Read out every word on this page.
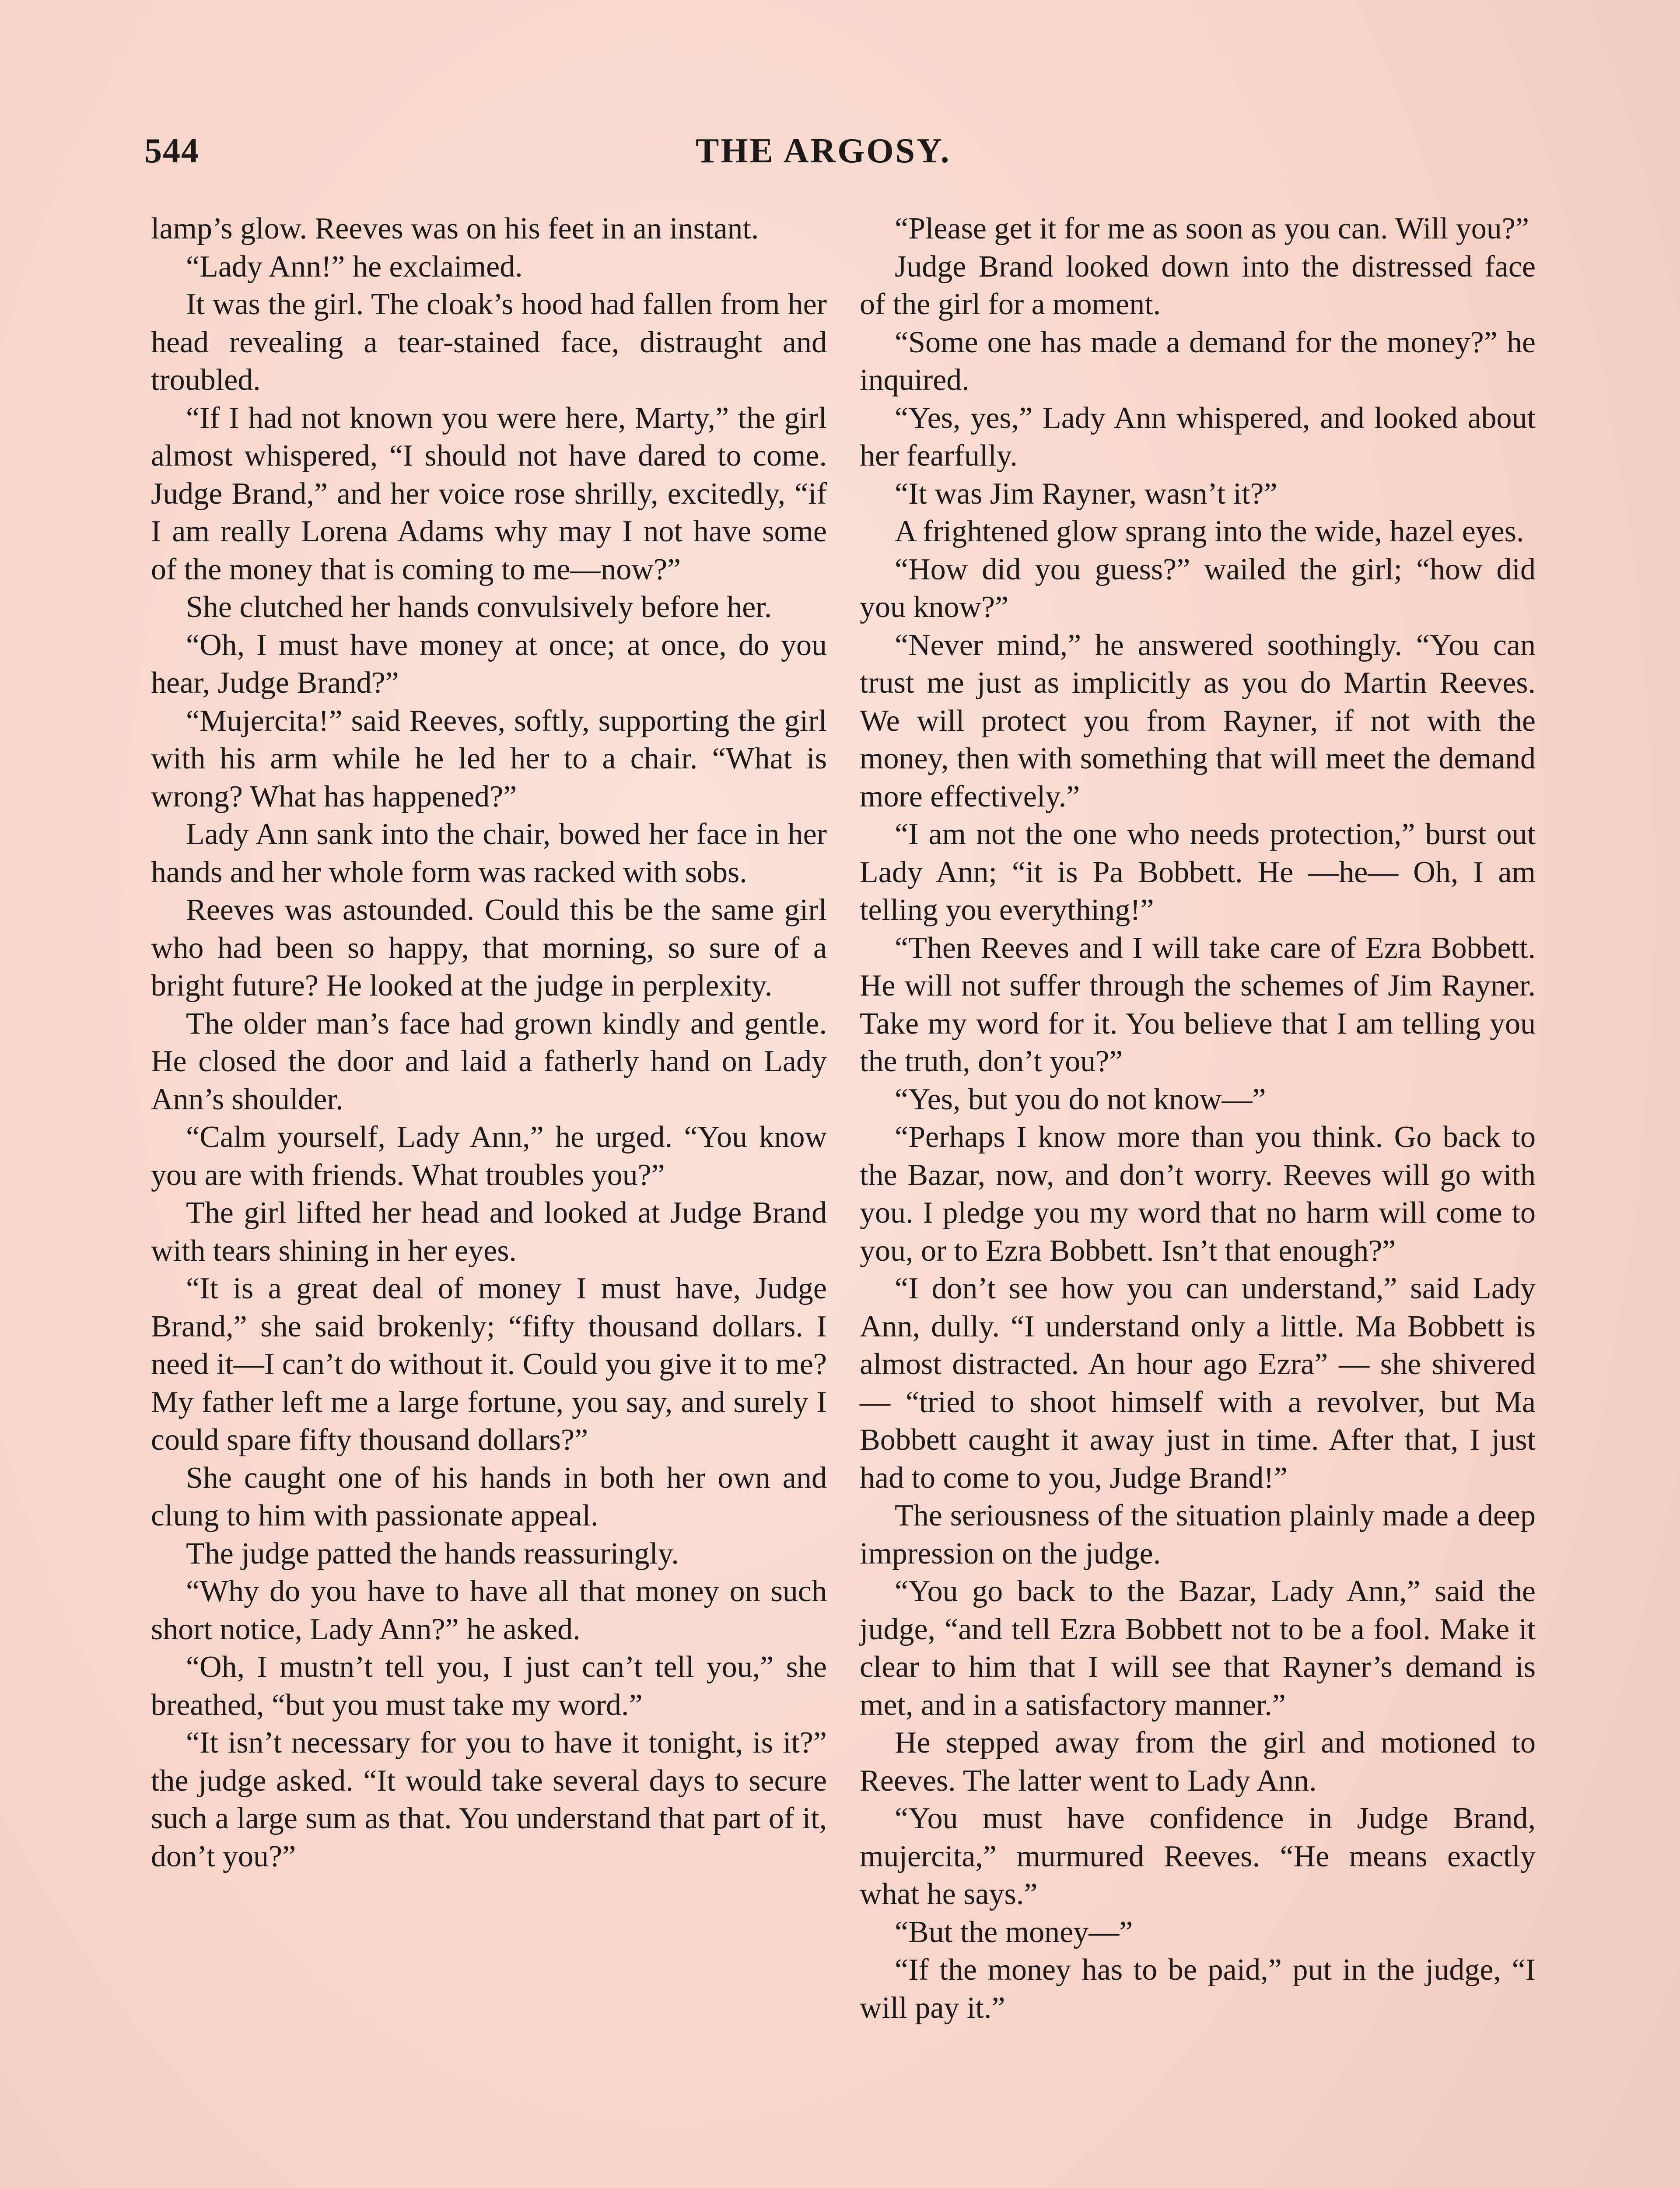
544	THE ARGOSY.

lamp’s glow. Reeves was on his feet in an instant.

“Lady Ann!” he exclaimed.

It was the girl. The cloak’s hood had fallen from her head revealing a tear-stained face, distraught and troubled.

“If I had not known you were here, Marty,” the girl almost whispered, “I should not have dared to come. Judge Brand,” and her voice rose shrilly, excitedly, “if I am really Lorena Adams why may I not have some of the money that is coming to me—now?”

She clutched her hands convulsively before her.

“Oh, I must have money at once; at once, do you hear, Judge Brand?”

“Mujercita!” said Reeves, softly, supporting the girl with his arm while he led her to a chair. “What is wrong? What has happened?”

Lady Ann sank into the chair, bowed her face in her hands and her whole form was racked with sobs.

Reeves was astounded. Could this be the same girl who had been so happy, that morning, so sure of a bright future? He looked at the judge in perplexity.

The older man’s face had grown kindly and gentle. He closed the door and laid a fatherly hand on Lady Ann’s shoulder.

“Calm yourself, Lady Ann,” he urged. “You know you are with friends. What troubles you?”

The girl lifted her head and looked at Judge Brand with tears shining in her eyes.

“It is a great deal of money I must have, Judge Brand,” she said brokenly; “fifty thousand dollars. I need it—I can’t do without it. Could you give it to me? My father left me a large fortune, you say, and surely I could spare fifty thousand dollars?”

She caught one of his hands in both her own and clung to him with passionate appeal.

The judge patted the hands reassuringly.

“Why do you have to have all that money on such short notice, Lady Ann?” he asked.

“Oh, I mustn’t tell you, I just can’t tell you,” she breathed, “but you must take my word.”

“It isn’t necessary for you to have it tonight, is it?” the judge asked. “It would take several days to secure such a large sum as that. You understand that part of it, don’t you?”

“Please get it for me as soon as you can. Will you?”

Judge Brand looked down into the distressed face of the girl for a moment.

“Some one has made a demand for the money?” he inquired.

“Yes, yes,” Lady Ann whispered, and looked about her fearfully.

“It was Jim Rayner, wasn’t it?”

A frightened glow sprang into the wide, hazel eyes.

“How did you guess?” wailed the girl; “how did you know?”

“Never mind,” he answered soothingly. “You can trust me just as implicitly as you do Martin Reeves. We will protect you from Rayner, if not with the money, then with something that will meet the demand more effectively.”

“I am not the one who needs protection,” burst out Lady Ann; “it is Pa Bobbett. He —he— Oh, I am telling you everything!”

“Then Reeves and I will take care of Ezra Bobbett. He will not suffer through the schemes of Jim Rayner. Take my word for it. You believe that I am telling you the truth, don’t you?”

“Yes, but you do not know—”

“Perhaps I know more than you think. Go back to the Bazar, now, and don’t worry. Reeves will go with you. I pledge you my word that no harm will come to you, or to Ezra Bobbett. Isn’t that enough?”

“I don’t see how you can understand,” said Lady Ann, dully. “I understand only a little. Ma Bobbett is almost distracted. An hour ago Ezra” — she shivered — “tried to shoot himself with a revolver, but Ma Bobbett caught it away just in time. After that, I just had to come to you, Judge Brand!”

The seriousness of the situation plainly made a deep impression on the judge.

“You go back to the Bazar, Lady Ann,” said the judge, “and tell Ezra Bobbett not to be a fool. Make it clear to him that I will see that Rayner’s demand is met, and in a satisfactory manner.”

He stepped away from the girl and motioned to Reeves. The latter went to Lady Ann.

“You must have confidence in Judge Brand, mujercita,” murmured Reeves. “He means exactly what he says.”

“But the money—”

“If the money has to be paid,” put in the judge, “I will pay it.”
